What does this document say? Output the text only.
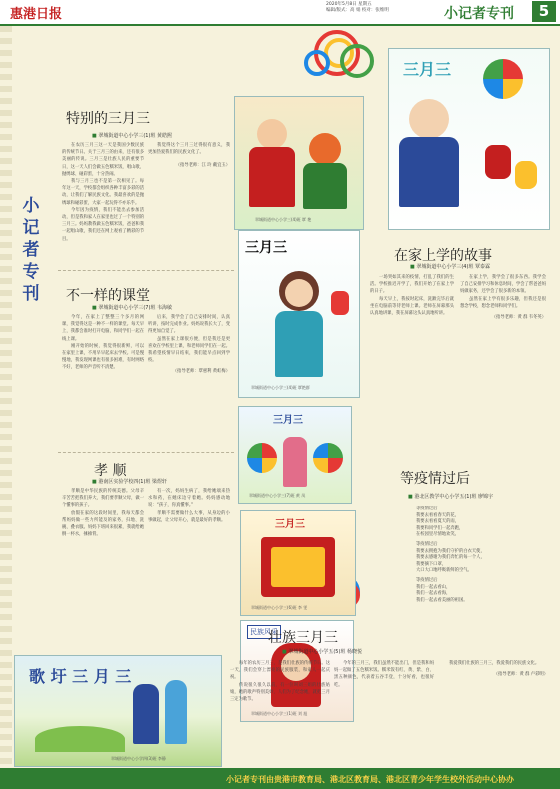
惠港日报
2020年5月8日 星期五
编辑/版式：高 娟 校对：张维明	小记者专刊	5
小记者专刊
特别的三月三
■ 翠城街道中心小学三(1)班 黄皓熙

在农历三月三这一天是我国少数民族的传统节日。关于三月三的由来，还有很多美丽的传说。三月三是壮族人民的重要节日，这一天人们会做五色糯米饭，唱山歌、抛绣球、碰彩蛋，十分热闹。

我与三月三也不是第一次相见了。每年这一天，学校都会组织各种丰富多彩的活动，让我们了解民族文化。我最喜欢的是抛绣球和碰彩蛋，大家一起玩得不亦乐乎。

今年因为疫情，我们不能出去参加活动，但是我和家人在家里也过了一个特别的三月三。妈妈教我做五色糯米饭，爸爸和我一起唱山歌，我们还在网上观看了精彩的节目。

我觉得这个三月三过得很有意义，我更加热爱我们的民族文化了。

（指导老师：江 玲 戴宜玉）
不一样的课堂
■ 翠城街道中心小学三(7)班 韦海敏

今年，在家上了整整三个多月的网课，我觉得这是一种不一样的课堂。每天早上，我都会准时打开电脑，和同学们一起在线上课。

刚开始的时候，我觉得很新鲜，可以在家里上课，不用早早起床去学校。可是慢慢地，我发现网课也有很多困难，有时网络不好，老师的声音听不清楚。

后来，我学会了自己安排时间，认真听讲，按时完成作业。妈妈说我长大了，变得更加自觉了。

虽然在家上课很方便，但是我还是更喜欢在学校里上课，和老师同学们在一起。我希望疫情早日结束，我们能早点回到学校。

（指导老师：覃惠利 黄虹梅）
孝 顺
■ 港南区实验学校四(1)班 梁煜轩

孝顺是中华民族的传统美德。父母辛辛苦苦把我们养大，我们要孝顺父母，做一个懂事的孩子。

放假在家的这段时间里，我每天都会帮妈妈做一些力所能及的家务，扫地、洗碗、叠衣服。妈妈下班回来很累，我就给她倒一杯水，捶捶背。

有一次，妈妈生病了，我给她端来热水和药，在她床边守着她。妈妈感动地说：“孩子，你真懂事。”

孝顺不需要做什么大事，从身边的小事做起，让父母开心，就是最好的孝顺。

歌 圩 三 月 三
翠城街道中心小学四(3)班 李静
翠城街道中心小学三(4)班 覃 艳
三月三
翠城街道中心小学三(4)班 覃艳群
三月三
翠城街道中心小学三(7)班 黄 凤
三月三
翠城街道中心小学三(6)班 李 雯
民族风采
翠城街道中心小学三(1)班 刘 旭
三月三
在家上学的故事
■ 翠城街道中心小学三(4)班 覃泰霖

一场突如其来的疫情，打乱了我们的生活。学校推迟开学了，我们开始了在家上学的日子。

每天早上，我按时起床，洗漱完毕后就坐在电脑前等待老师上课。老师在屏幕那头认真地讲课，我在屏幕这头认真地听讲。

在家上学，我学会了很多东西。我学会了自己安排学习和休息时间，学会了帮爸爸妈妈做家务，还学会了很多新的本领。

虽然在家上学有很多乐趣，但我还是很想念学校，想念老师和同学们。

（指导老师：黄 群 韦冬英）
等疫情过后
■ 港北区教学中心小学五(1)班 廖锦宇
等疫情过后
我要去看看春天的花，
我要去看看夏天的雨，
我要和同学们一起奔跑，
在校园里尽情地欢笑。
等疫情过后
我要去拥抱为我们守护的白衣天使，
我要去感谢为我们奔忙的每一个人，
我要摘下口罩，
大口大口地呼吸新鲜的空气。
等疫情过后
我们一起去看山，
我们一起去看海，
我们一起去看美丽的祖国。
壮族三月三
■ 翠城街道中心小学五(5)班 杨晓悦

每年的农历三月三，是我们壮族的传统节日。这一天，我们会穿上漂亮的民族服装，和家人一起庆祝。

传说很久很久以前，有一位叫刘三姐的壮族姑娘，她的歌声特别美妙，人们为了纪念她，就把三月三定为歌节。

今年的三月三，我们虽然不能出门，但是我和妈妈一起做了五色糯米饭。糯米饭有红、黄、紫、白、黑五种颜色，代表着五谷丰登，十分好看，也很好吃。

我爱我们壮族的三月三，我爱我们的民族文化。

（指导老师：黄 群 卢彩明）
小记者专刊由贵港市教育局、港北区教育局、港北区青少年学生校外活动中心协办
